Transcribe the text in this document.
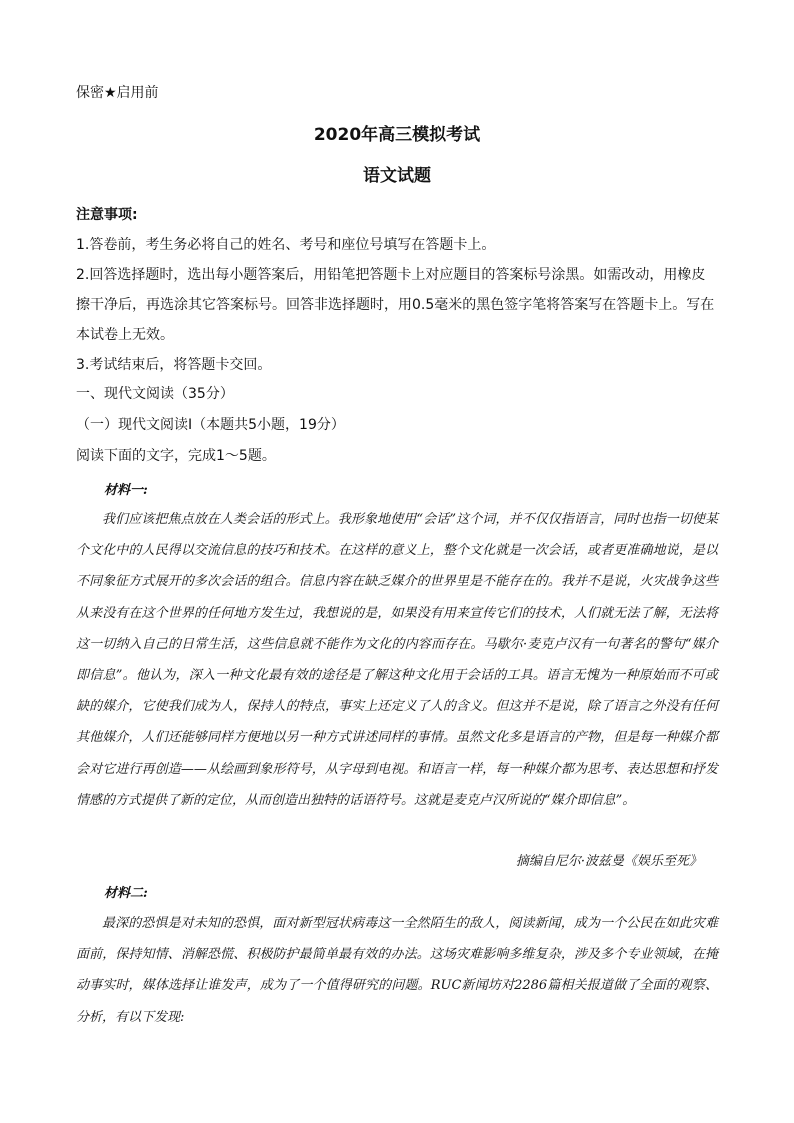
保密★启用前
2020年高三模拟考试
语文试题
注意事项:
1.答卷前，考生务必将自己的姓名、考号和座位号填写在答题卡上。
2.回答选择题时，选出每小题答案后，用铅笔把答题卡上对应题目的答案标号涂黑。如需改动，用橡皮擦干净后，再选涂其它答案标号。回答非选择题时，用0.5毫米的黑色签字笔将答案写在答题卡上。写在本试卷上无效。
3.考试结束后，将答题卡交回。
一、现代文阅读（35分）
（一）现代文阅读Ⅰ（本题共5小题，19分）
阅读下面的文字，完成1～5题。
材料一:
我们应该把焦点放在人类会话的形式上。我形象地使用“会话”这个词，并不仅仅指语言，同时也指一切使某个文化中的人民得以交流信息的技巧和技术。在这样的意义上，整个文化就是一次会话，或者更准确地说，是以不同象征方式展开的多次会话的组合。信息内容在缺乏媒介的世界里是不能存在的。我并不是说，火灾战争这些从来没有在这个世界的任何地方发生过，我想说的是，如果没有用来宣传它们的技术，人们就无法了解，无法将这一切纳入自己的日常生活，这些信息就不能作为文化的内容而存在。马歇尔·麦克卢汉有一句著名的警句“媒介即信息”。他认为，深入一种文化最有效的途径是了解这种文化用于会话的工具。语言无愧为一种原始而不可或缺的媒介，它使我们成为人，保持人的特点，事实上还定义了人的含义。但这并不是说，除了语言之外没有任何其他媒介，人们还能够同样方便地以另一种方式讲述同样的事情。虽然文化多是语言的产物，但是每一种媒介都会对它进行再创造——从绘画到象形符号，从字母到电视。和语言一样，每一种媒介都为思考、表达思想和抒发情感的方式提供了新的定位，从而创造出独特的话语符号。这就是麦克卢汉所说的“媒介即信息”。
摘编自尼尔·波兹曼《娱乐至死》
材料二:
最深的恐惧是对未知的恐惧，面对新型冠状病毒这一全然陌生的敌人，阅读新闻，成为一个公民在如此灾难面前，保持知情、消解恐慌、积极防护最简单最有效的办法。这场灾难影响多维复杂，涉及多个专业领域，在掩动事实时，媒体选择让谁发声，成为了一个值得研究的问题。RUC新闻坊对2286篇相关报道做了全面的观察、分析，有以下发现:
